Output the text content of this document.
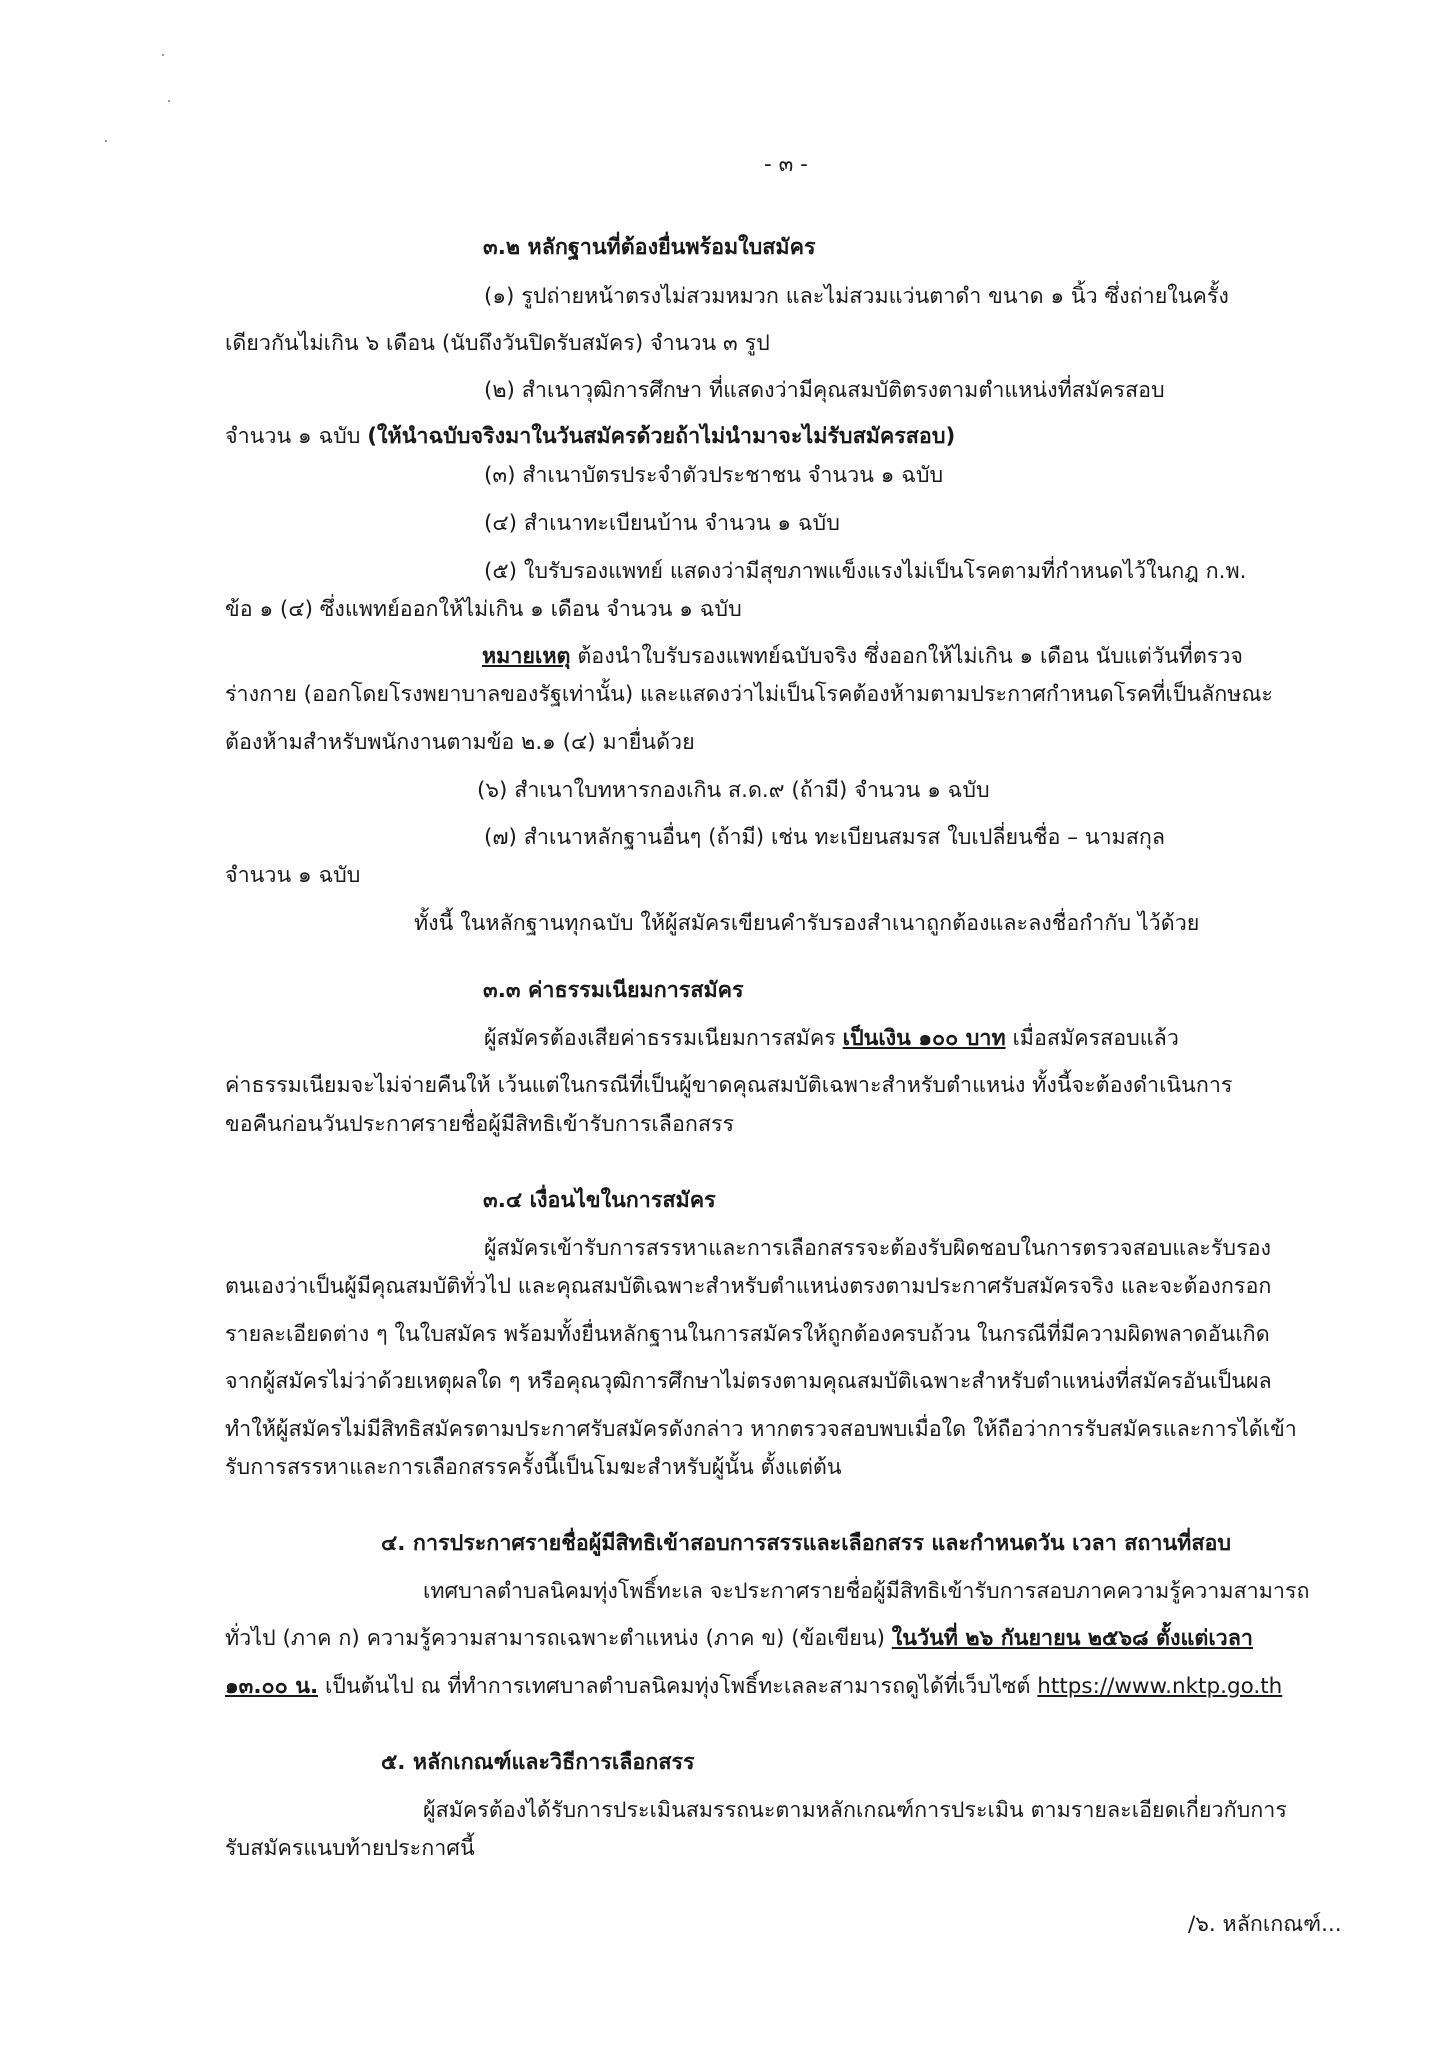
- ๓ -
๓.๒ หลักฐานที่ต้องยื่นพร้อมใบสมัคร
(๑) รูปถ่ายหน้าตรงไม่สวมหมวก และไม่สวมแว่นตาดำ ขนาด ๑ นิ้ว ซึ่งถ่ายในครั้ง
เดียวกันไม่เกิน ๖ เดือน (นับถึงวันปิดรับสมัคร) จำนวน ๓ รูป
(๒) สำเนาวุฒิการศึกษา ที่แสดงว่ามีคุณสมบัติตรงตามตำแหน่งที่สมัครสอบ
จำนวน ๑ ฉบับ (ให้นำฉบับจริงมาในวันสมัครด้วยถ้าไม่นำมาจะไม่รับสมัครสอบ)
(๓) สำเนาบัตรประจำตัวประชาชน จำนวน ๑ ฉบับ
(๔) สำเนาทะเบียนบ้าน จำนวน ๑ ฉบับ
(๕) ใบรับรองแพทย์ แสดงว่ามีสุขภาพแข็งแรงไม่เป็นโรคตามที่กำหนดไว้ในกฎ ก.พ.
ข้อ ๑ (๔) ซึ่งแพทย์ออกให้ไม่เกิน ๑ เดือน จำนวน ๑ ฉบับ
หมายเหตุ ต้องนำใบรับรองแพทย์ฉบับจริง ซึ่งออกให้ไม่เกิน ๑ เดือน นับแต่วันที่ตรวจ
ร่างกาย (ออกโดยโรงพยาบาลของรัฐเท่านั้น) และแสดงว่าไม่เป็นโรคต้องห้ามตามประกาศกำหนดโรคที่เป็นลักษณะ
ต้องห้ามสำหรับพนักงานตามข้อ ๒.๑ (๔) มายื่นด้วย
(๖) สำเนาใบทหารกองเกิน ส.ด.๙ (ถ้ามี) จำนวน ๑ ฉบับ
(๗) สำเนาหลักฐานอื่นๆ (ถ้ามี) เช่น ทะเบียนสมรส ใบเปลี่ยนชื่อ – นามสกุล
จำนวน ๑ ฉบับ
ทั้งนี้ ในหลักฐานทุกฉบับ ให้ผู้สมัครเขียนคำรับรองสำเนาถูกต้องและลงชื่อกำกับ ไว้ด้วย
๓.๓ ค่าธรรมเนียมการสมัคร
ผู้สมัครต้องเสียค่าธรรมเนียมการสมัคร เป็นเงิน ๑๐๐ บาท เมื่อสมัครสอบแล้ว
ค่าธรรมเนียมจะไม่จ่ายคืนให้ เว้นแต่ในกรณีที่เป็นผู้ขาดคุณสมบัติเฉพาะสำหรับตำแหน่ง ทั้งนี้จะต้องดำเนินการ
ขอคืนก่อนวันประกาศรายชื่อผู้มีสิทธิเข้ารับการเลือกสรร
๓.๔ เงื่อนไขในการสมัคร
ผู้สมัครเข้ารับการสรรหาและการเลือกสรรจะต้องรับผิดชอบในการตรวจสอบและรับรอง
ตนเองว่าเป็นผู้มีคุณสมบัติทั่วไป และคุณสมบัติเฉพาะสำหรับตำแหน่งตรงตามประกาศรับสมัครจริง และจะต้องกรอก
รายละเอียดต่าง ๆ ในใบสมัคร พร้อมทั้งยื่นหลักฐานในการสมัครให้ถูกต้องครบถ้วน ในกรณีที่มีความผิดพลาดอันเกิด
จากผู้สมัครไม่ว่าด้วยเหตุผลใด ๆ หรือคุณวุฒิการศึกษาไม่ตรงตามคุณสมบัติเฉพาะสำหรับตำแหน่งที่สมัครอันเป็นผล
ทำให้ผู้สมัครไม่มีสิทธิสมัครตามประกาศรับสมัครดังกล่าว หากตรวจสอบพบเมื่อใด ให้ถือว่าการรับสมัครและการได้เข้า
รับการสรรหาและการเลือกสรรครั้งนี้เป็นโมฆะสำหรับผู้นั้น ตั้งแต่ต้น
๔. การประกาศรายชื่อผู้มีสิทธิเข้าสอบการสรรและเลือกสรร และกำหนดวัน เวลา สถานที่สอบ
เทศบาลตำบลนิคมทุ่งโพธิ์ทะเล จะประกาศรายชื่อผู้มีสิทธิเข้ารับการสอบภาคความรู้ความสามารถ
ทั่วไป (ภาค ก) ความรู้ความสามารถเฉพาะตำแหน่ง (ภาค ข) (ข้อเขียน) ในวันที่ ๒๖ กันยายน ๒๕๖๘ ตั้งแต่เวลา
๑๓.๐๐ น. เป็นต้นไป ณ ที่ทำการเทศบาลตำบลนิคมทุ่งโพธิ์ทะเลละสามารถดูได้ที่เว็บไซต์ https://www.nktp.go.th
๕. หลักเกณฑ์และวิธีการเลือกสรร
ผู้สมัครต้องได้รับการประเมินสมรรถนะตามหลักเกณฑ์การประเมิน ตามรายละเอียดเกี่ยวกับการ
รับสมัครแนบท้ายประกาศนี้
/๖. หลักเกณฑ์...
